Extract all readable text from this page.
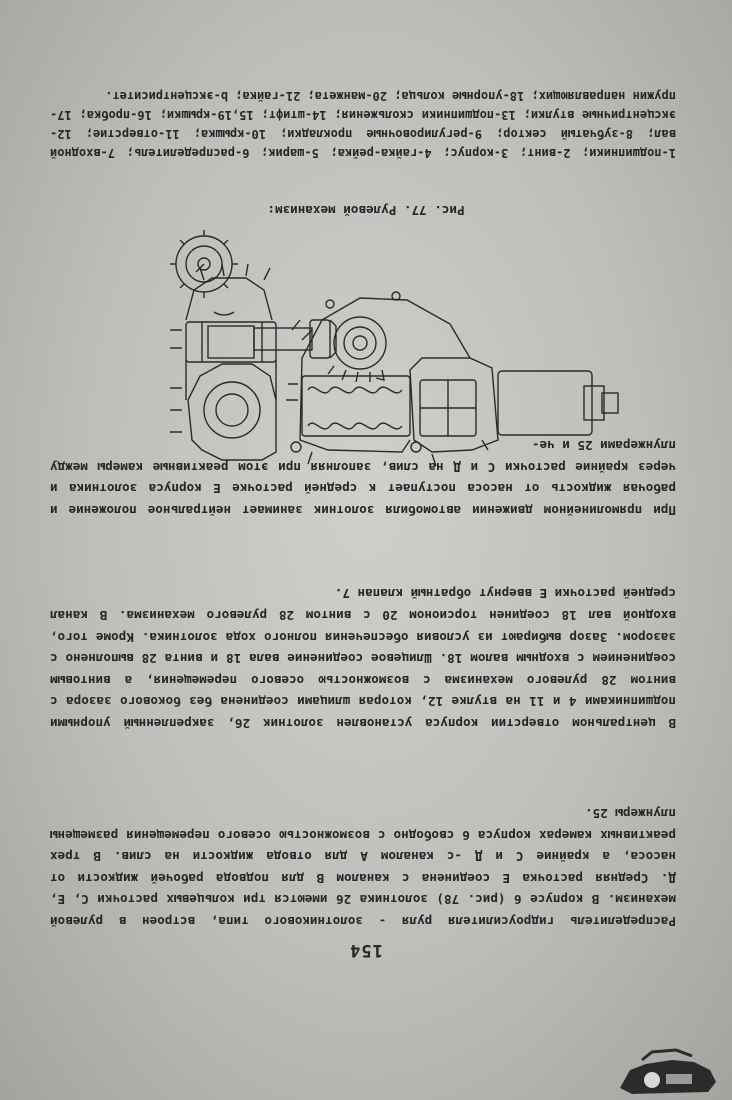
154

Распределитель гидроусилителя руля - золотникового типа, встроен в рулевой механизм. В корпусе 6 (рис. 78) золотника 26 имеются три кольцевых расточки С, Е, Д. Средняя расточка Е соединена с каналом В для подвода рабочей жидкости от насоса, а крайние С и Д -с каналом А для отвода жидкости на слив. В трех реактивных камерах корпуса 6 свободно с возможностью осевого перемещения размещены плунжеры 25.

В центральном отверстии корпуса установлен золотник 26, закрепленный упорными подшипниками 4 и 11 на втулке 12, которая шлицами соединена без бокового зазора с винтом 28 рулевого механизма с возможностью осевого перемещения, а винтовым соединением с входным валом 18. Шлицевое соединение вала 18 и винта 28 выполнено с зазором. Зазор выбирают из условия обеспечения полного хода золотника. Кроме того, входной вал 18 соединен торсионом 20 с винтом 28 рулевого механизма. В канал средней расточки Е ввернут обратный клапан 7.

При прямолинейном движении автомобиля золотник занимает нейтральное положение и рабочая жидкость от насоса поступает к средней расточке Е корпуса золотника и через крайние расточки С и Д на слив, заполняя при этом реактивные камеры между плунжерами 25 и че-

Рис. 77. Рулевой механизм:

1-подшипники; 2-винт; 3-корпус; 4-гайка-рейка; 5-шарик; 6-распределитель; 7-входной вал; 8-зубчатый сектор; 9-регулировочные прокладки; 10-крышка; 11-отверстие; 12-эксцентричные втулки; 13-подшипники скольжения; 14-штифт; 15,19-крышки; 16-пробка; 17-пружин направляющих; 18-упорные кольца; 20-манжета; 21-гайка; b-эксцентриситет.
